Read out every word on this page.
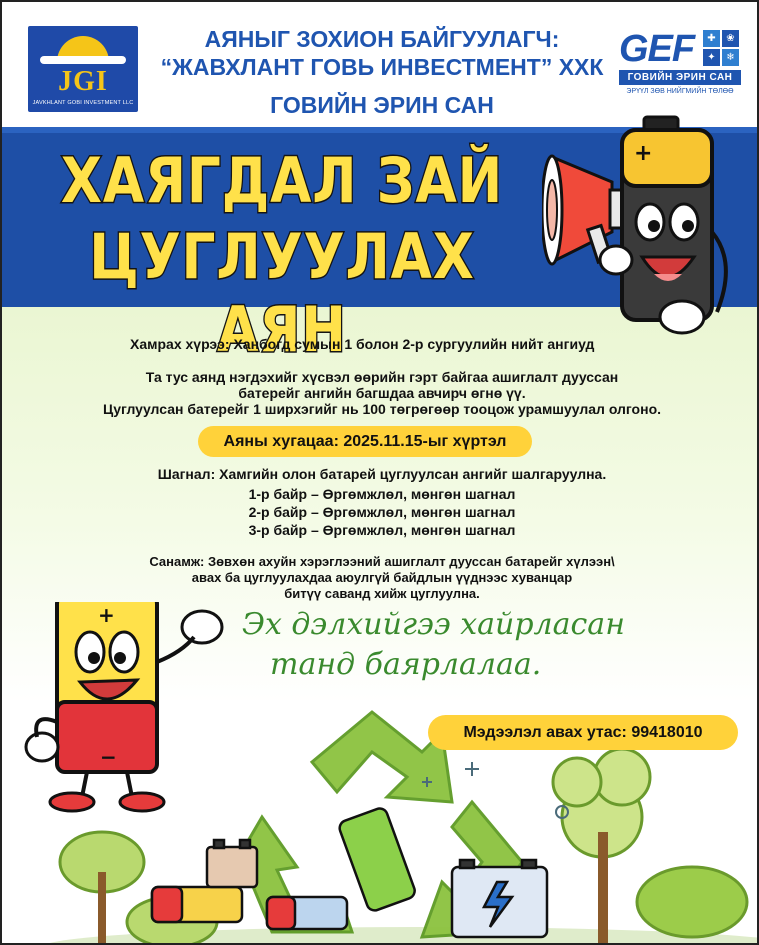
JGI
JAVKHLANT GOBI INVESTMENT LLC
АЯНЫГ ЗОХИОН БАЙГУУЛАГЧ:
“ЖАВХЛАНТ ГОВЬ ИНВЕСТМЕНТ” ХХК
ГОВИЙН ЭРИН САН
GEF	✚	❀
✦	❄
ГОВИЙН ЭРИН САН
ЭРҮҮЛ ЗӨВ НИЙГМИЙН ТӨЛӨӨ
ХАЯГДАЛ ЗАЙ
ЦУГЛУУЛАХ АЯН
+
Хамрах хүрээ: Ханбогд сумын 1 болон 2-р сургуулийн нийт ангиуд
Та тус аянд нэгдэхийг хүсвэл өөрийн гэрт байгаа ашиглалт дууссан
батерейг ангийн багшдаа авчирч өгнө үү.
Цуглуулсан батерейг 1 ширхэгийг нь 100 төгрөгөөр тооцож урамшуулал олгоно.
Аяны хугацаа: 2025.11.15-ыг хүртэл
Шагнал: Хамгийн олон батарей цуглуулсан ангийг шалгаруулна.
1-р байр – Өргөмжлөл, мөнгөн шагнал
2-р байр – Өргөмжлөл, мөнгөн шагнал
3-р байр – Өргөмжлөл, мөнгөн шагнал
Санамж: Зөвхөн ахуйн хэрэглээний ашиглалт дууссан батарейг хүлээн\
авах ба цуглуулахдаа аюулгүй байдлын үүднээс хуванцар
битүү саванд хийж цуглуулна.
+
−
Эх дэлхийгээ хайрласан
танд баярлалаа.
Мэдээлэл авах утас: 99418010
